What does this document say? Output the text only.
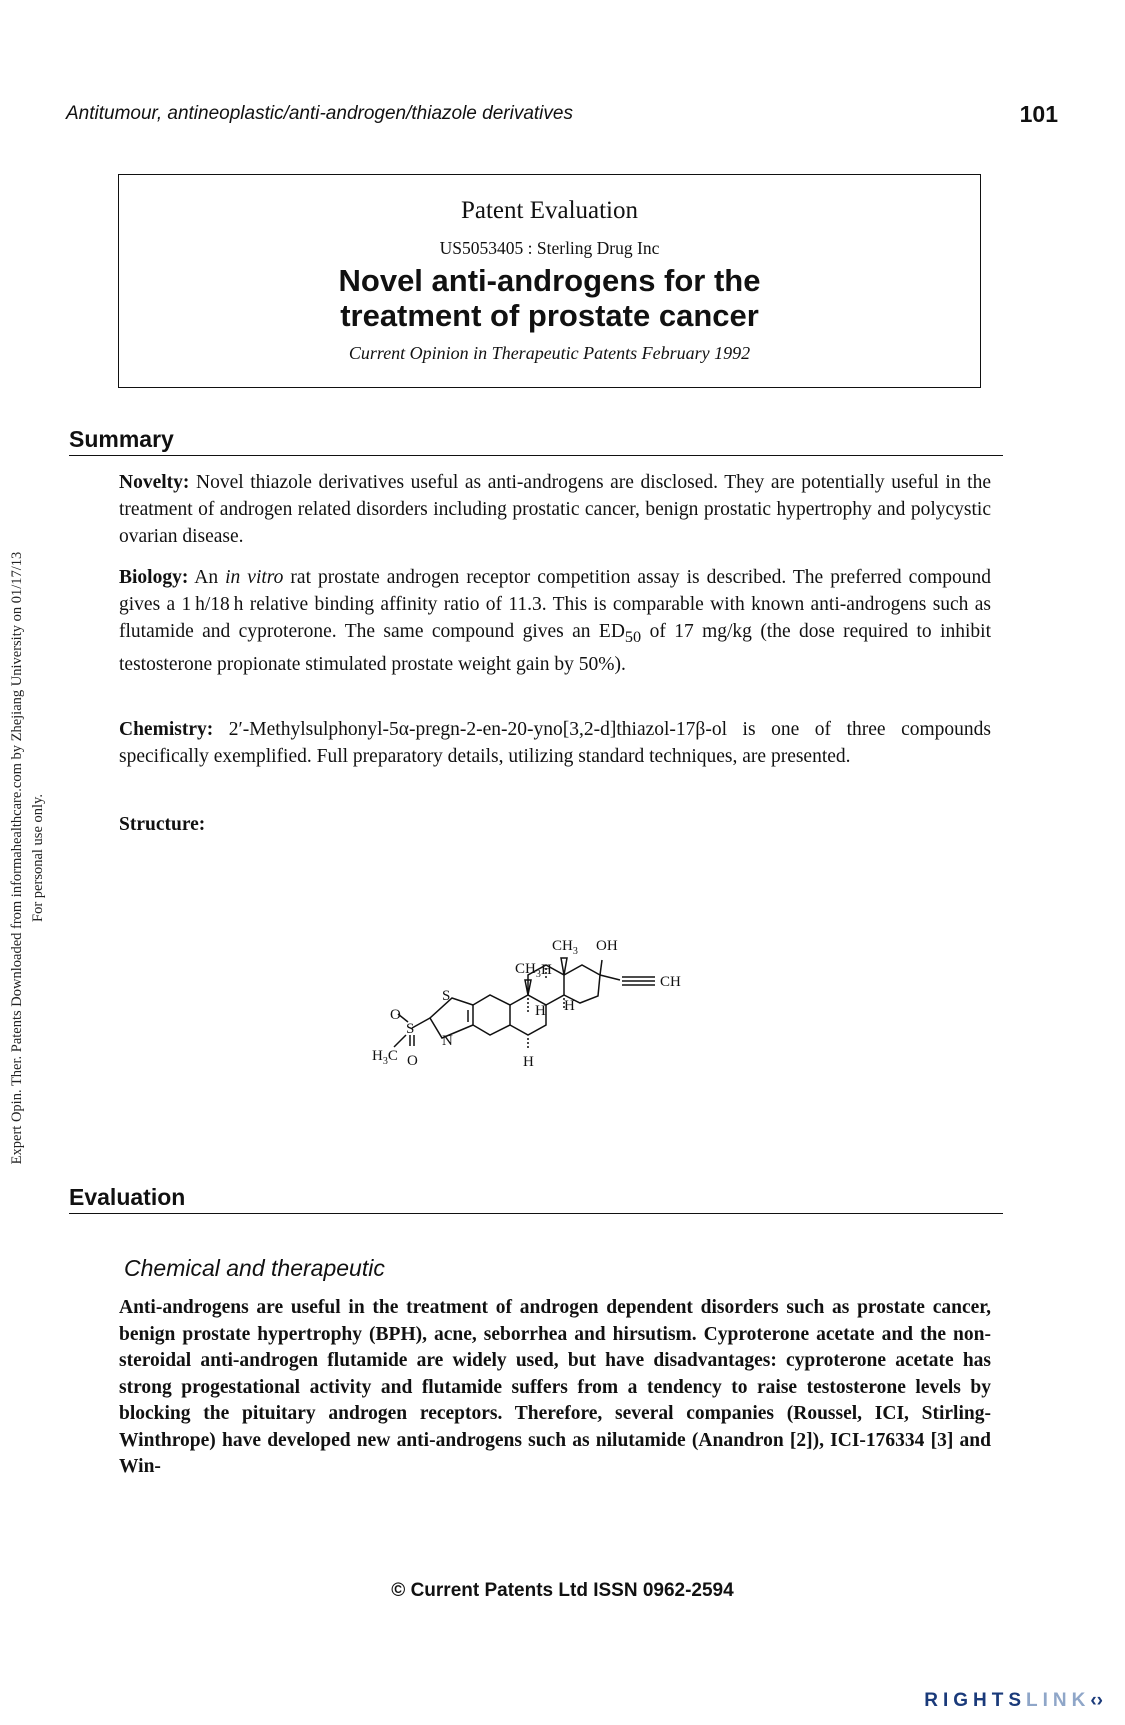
Antitumour, antineoplastic/anti-androgen/thiazole derivatives	101
Patent Evaluation
US5053405 : Sterling Drug Inc
Novel anti-androgens for the
treatment of prostate cancer
Current Opinion in Therapeutic Patents February 1992
Summary

Novelty: Novel thiazole derivatives useful as anti-androgens are disclosed. They are potentially useful in the treatment of androgen related disorders including prostatic cancer, benign prostatic hypertrophy and polycystic ovarian disease.

Biology: An in vitro rat prostate androgen receptor competition assay is described. The preferred compound gives a 1 h/18 h relative binding affinity ratio of 11.3. This is comparable with known anti-androgens such as flutamide and cyproterone. The same compound gives an $ED_{50}$ of 17 mg/kg (the dose required to inhibit testosterone propionate stimulated prostate weight gain by 50%).

Chemistry: 2′-Methylsulphonyl-5α-pregn-2-en-20-yno[3,2-d]thiazol-17β-ol is one of three compounds specifically exemplified. Full preparatory details, utilizing standard techniques, are presented.

Structure:

$CH_3$ OH
CH
$CH_3$ H
H H
H
S
N
O
S
O
$H_3C$
Evaluation
Chemical and therapeutic

Anti-androgens are useful in the treatment of androgen dependent disorders such as prostate cancer, benign prostate hypertrophy (BPH), acne, seborrhea and hirsutism. Cyproterone acetate and the non-steroidal anti-androgen flutamide are widely used, but have disadvantages: cyproterone acetate has strong progestational activity and flutamide suffers from a tendency to raise testosterone levels by blocking the pituitary androgen receptors. Therefore, several companies (Roussel, ICI, Stirling-Winthrope) have developed new anti-androgens such as nilutamide (Anandron [2]), ICI-176334 [3] and Win-

© Current Patents Ltd ISSN 0962-2594
Expert Opin. Ther. Patents Downloaded from informahealthcare.com by Zhejiang University on 01/17/13 For personal use only.
RIGHTSLINK‹›
